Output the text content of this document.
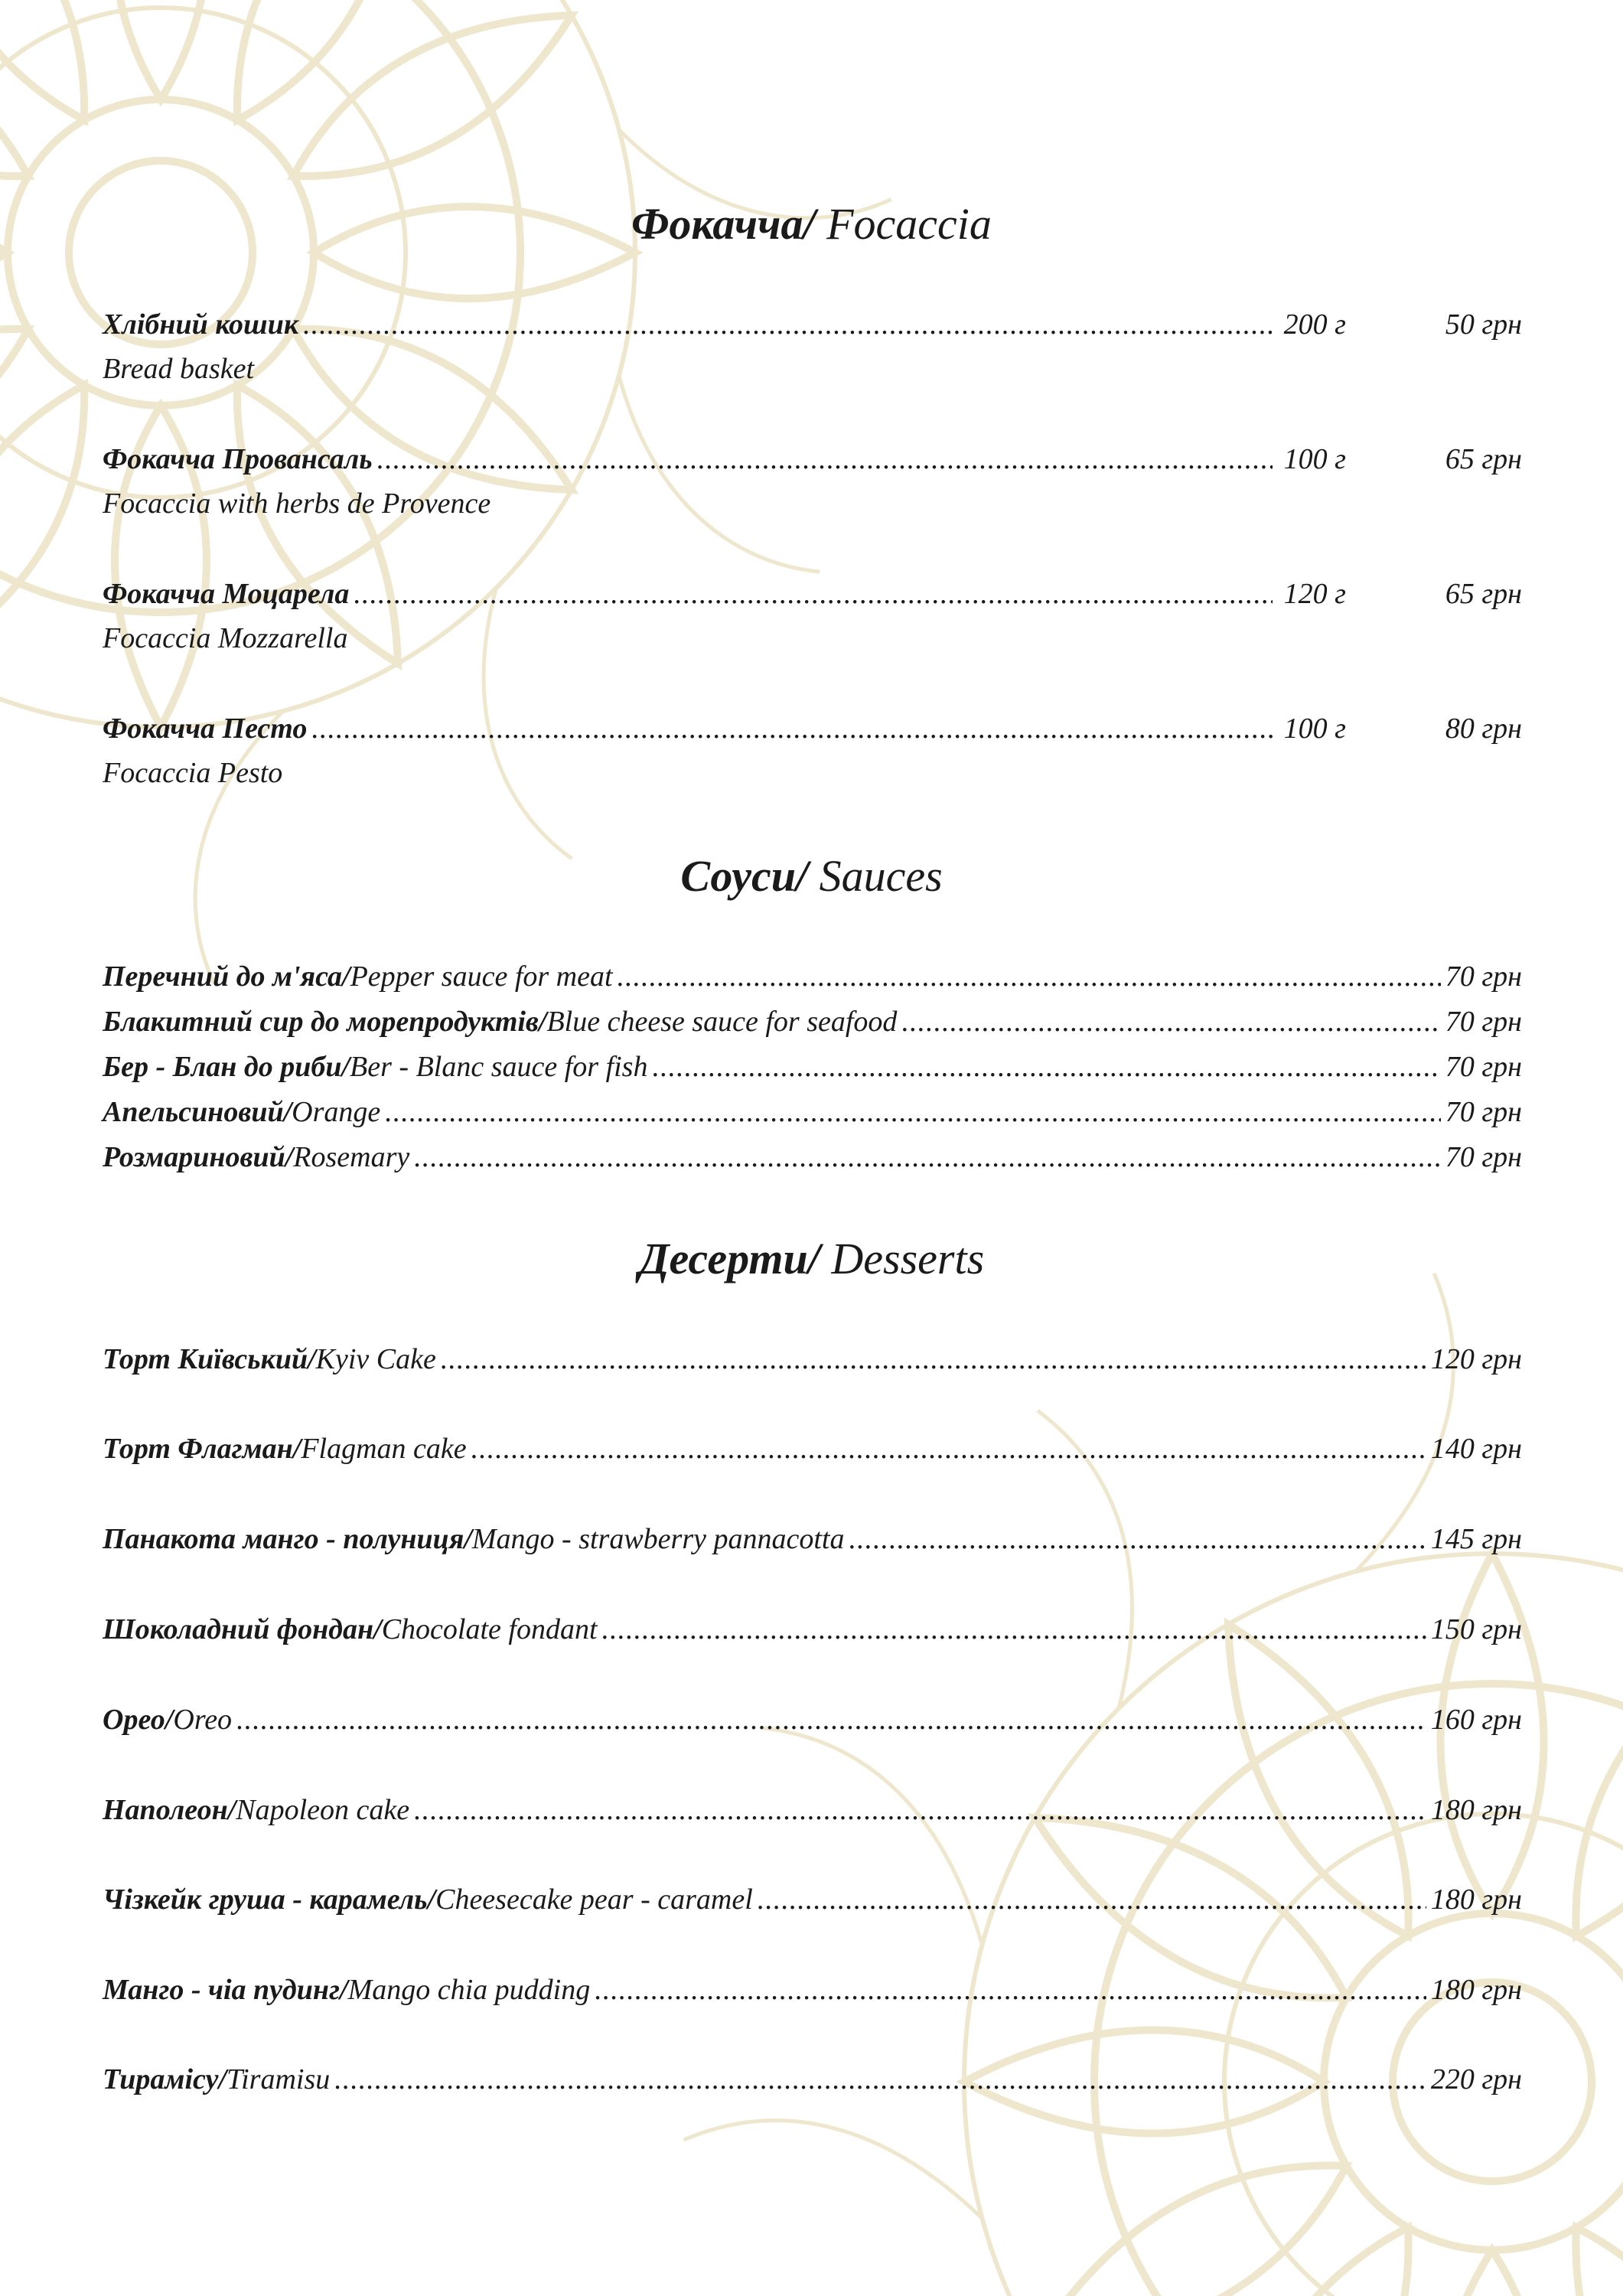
Фокачча/ Focaccia
Хлібний кошик .....	200 г	50 грн
Bread basket
Фокачча Провансаль .....	100 г	65 грн
Focaccia with herbs de Provence
Фокачча Моцарела .....	120 г	65 грн
Focaccia Mozzarella
Фокачча Песто .....	100 г	80 грн
Focaccia Pesto
Соуси/ Sauces
Перечний до м'яса/ Pepper sauce for meat .....	70 грн
Блакитний сир до морепродуктів/ Blue cheese sauce for seafood .....	70 грн
Бер - Блан до риби/ Ber - Blanc sauce for fish .....	70 грн
Апельсиновий/ Orange .....	70 грн
Розмариновий/ Rosemary .....	70 грн
Десерти/ Desserts
Торт Київський/ Kyiv Cake .....	120 грн
Торт Флагман/ Flagman cake .....	140 грн
Панакота манго - полуниця/ Mango - strawberry pannacotta .....	145 грн
Шоколадний фондан/ Chocolate fondant .....	150 грн
Орео/ Oreo .....	160 грн
Наполеон/ Napoleon cake .....	180 грн
Чізкейк груша - карамель/ Cheesecake pear - caramel .....	180 грн
Манго - чіа пудинг/ Mango chia pudding .....	180 грн
Тирамісу/ Tiramisu .....	220 грн
